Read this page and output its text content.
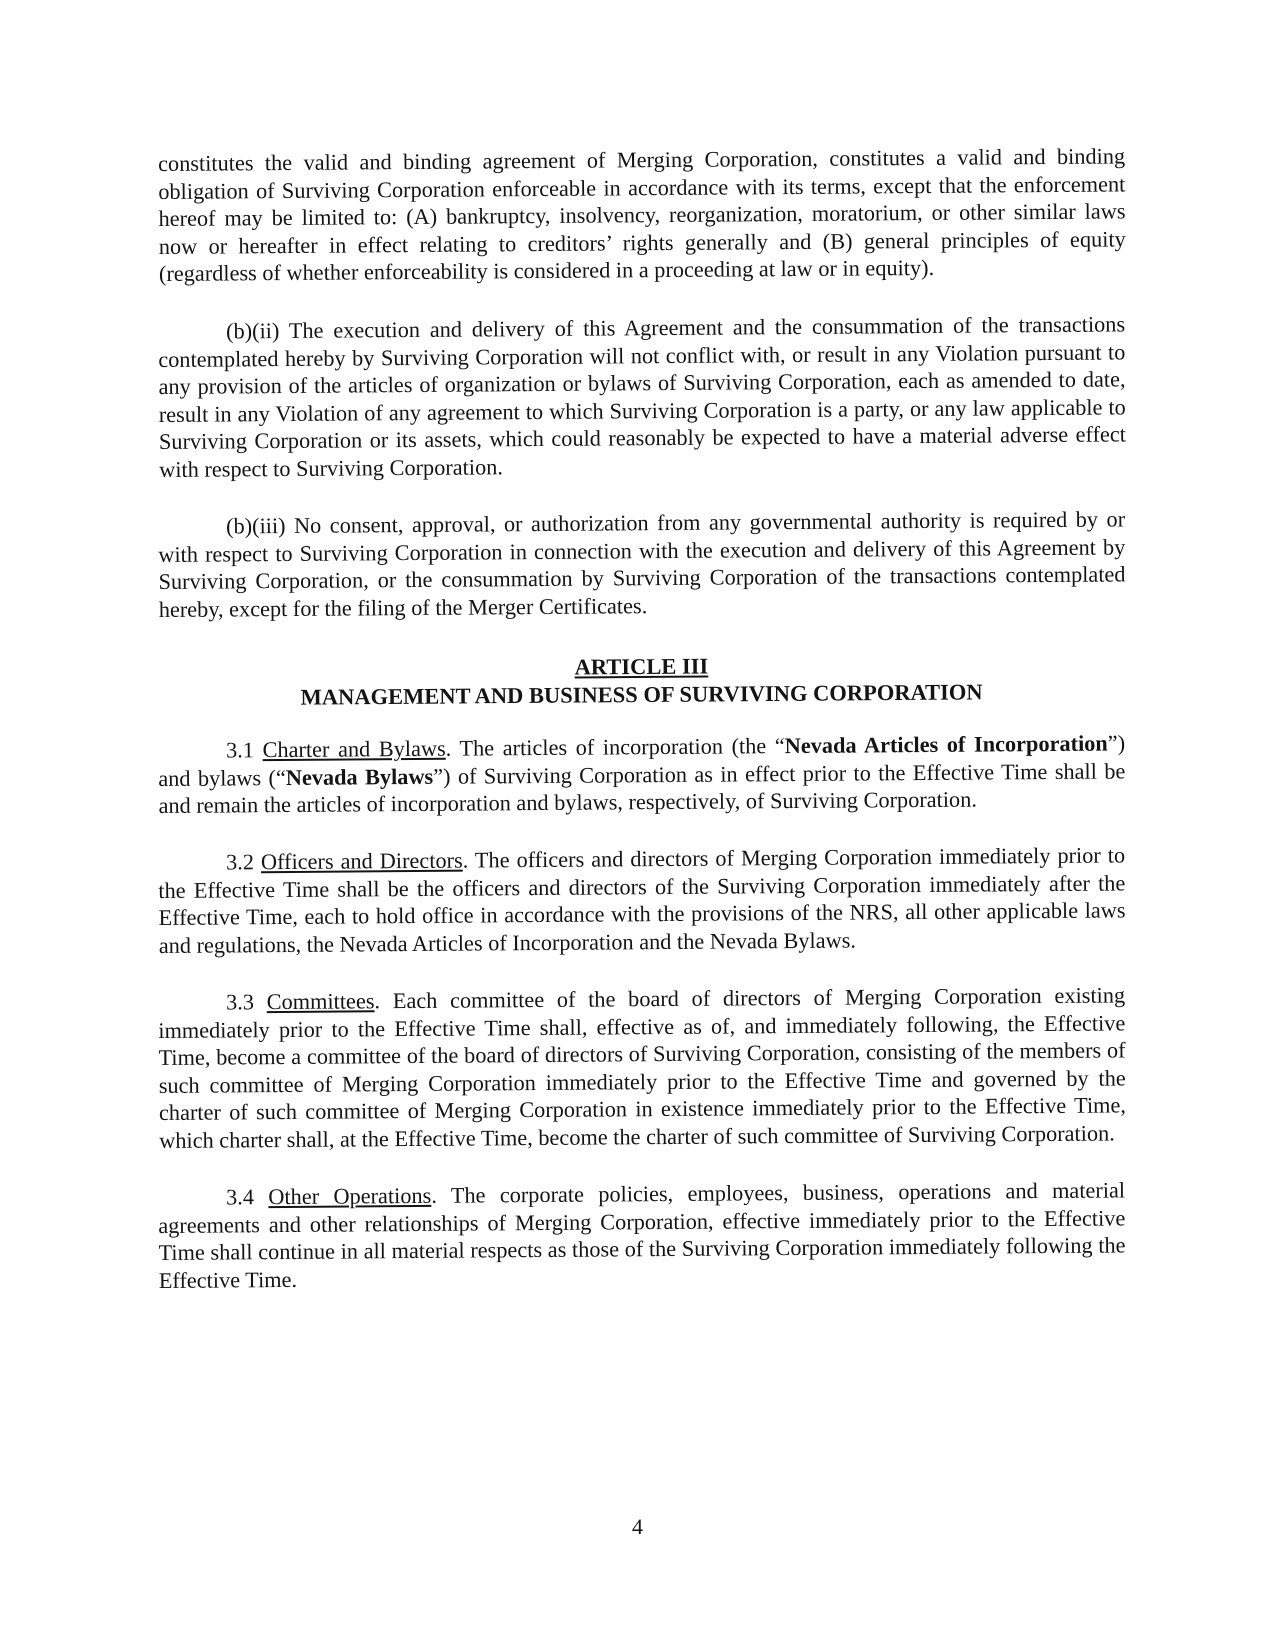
constitutes the valid and binding agreement of Merging Corporation, constitutes a valid and binding obligation of Surviving Corporation enforceable in accordance with its terms, except that the enforcement hereof may be limited to: (A) bankruptcy, insolvency, reorganization, moratorium, or other similar laws now or hereafter in effect relating to creditors’ rights generally and (B) general principles of equity (regardless of whether enforceability is considered in a proceeding at law or in equity).

(b)(ii) The execution and delivery of this Agreement and the consummation of the transactions contemplated hereby by Surviving Corporation will not conflict with, or result in any Violation pursuant to any provision of the articles of organization or bylaws of Surviving Corporation, each as amended to date, result in any Violation of any agreement to which Surviving Corporation is a party, or any law applicable to Surviving Corporation or its assets, which could reasonably be expected to have a material adverse effect with respect to Surviving Corporation.

(b)(iii) No consent, approval, or authorization from any governmental authority is required by or with respect to Surviving Corporation in connection with the execution and delivery of this Agreement by Surviving Corporation, or the consummation by Surviving Corporation of the transactions contemplated hereby, except for the filing of the Merger Certificates.

ARTICLE III
MANAGEMENT AND BUSINESS OF SURVIVING CORPORATION

3.1 Charter and Bylaws. The articles of incorporation (the “Nevada Articles of Incorporation”) and bylaws (“Nevada Bylaws”) of Surviving Corporation as in effect prior to the Effective Time shall be and remain the articles of incorporation and bylaws, respectively, of Surviving Corporation.

3.2 Officers and Directors. The officers and directors of Merging Corporation immediately prior to the Effective Time shall be the officers and directors of the Surviving Corporation immediately after the Effective Time, each to hold office in accordance with the provisions of the NRS, all other applicable laws and regulations, the Nevada Articles of Incorporation and the Nevada Bylaws.

3.3 Committees. Each committee of the board of directors of Merging Corporation existing immediately prior to the Effective Time shall, effective as of, and immediately following, the Effective Time, become a committee of the board of directors of Surviving Corporation, consisting of the members of such committee of Merging Corporation immediately prior to the Effective Time and governed by the charter of such committee of Merging Corporation in existence immediately prior to the Effective Time, which charter shall, at the Effective Time, become the charter of such committee of Surviving Corporation.

3.4 Other Operations. The corporate policies, employees, business, operations and material agreements and other relationships of Merging Corporation, effective immediately prior to the Effective Time shall continue in all material respects as those of the Surviving Corporation immediately following the Effective Time.

4
